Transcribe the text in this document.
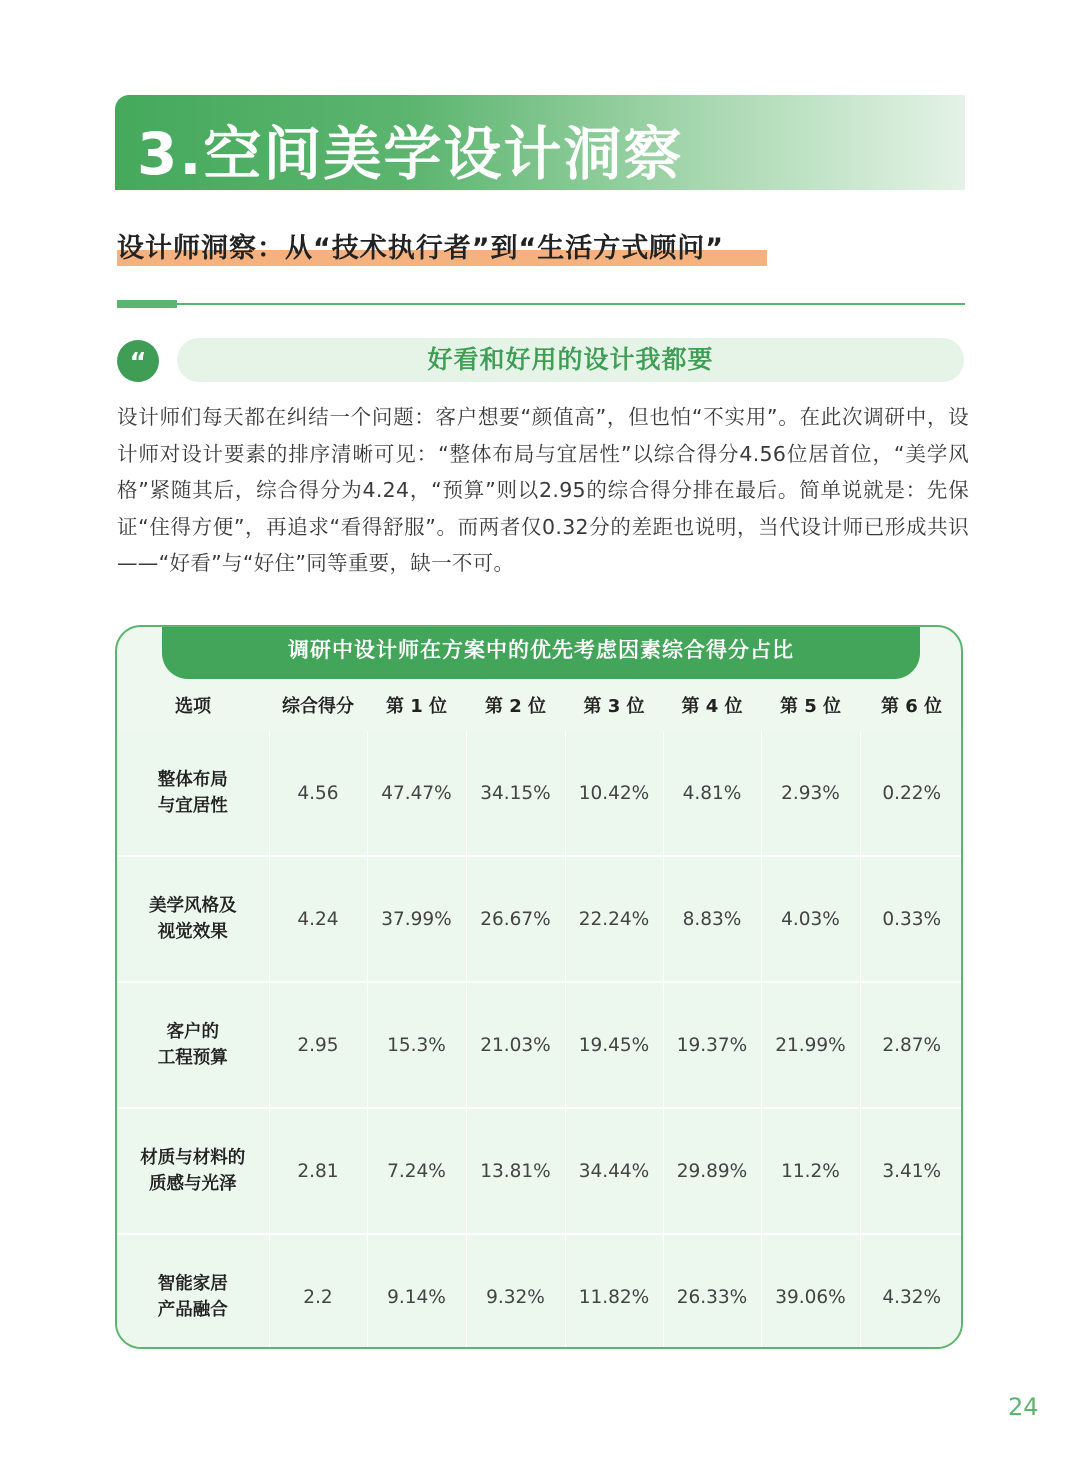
3.空间美学设计洞察
设计师洞察：从“技术执行者”到“生活方式顾问”
“	好看和好用的设计我都要
设计师们每天都在纠结一个问题：客户想要“颜值高”，但也怕“不实用”。在此次调研中，设计师对设计要素的排序清晰可见：“整体布局与宜居性”以综合得分4.56位居首位，“美学风格”紧随其后，综合得分为4.24，“预算”则以2.95的综合得分排在最后。简单说就是：先保证“住得方便”，再追求“看得舒服”。而两者仅0.32分的差距也说明，当代设计师已形成共识——“好看”与“好住”同等重要，缺一不可。
调研中设计师在方案中的优先考虑因素综合得分占比
选项	综合得分	第 1 位	第 2 位	第 3 位	第 4 位	第 5 位	第 6 位
整体布局
与宜居性	4.56	47.47%	34.15%	10.42%	4.81%	2.93%	0.22%
美学风格及
视觉效果	4.24	37.99%	26.67%	22.24%	8.83%	4.03%	0.33%
客户的
工程预算	2.95	15.3%	21.03%	19.45%	19.37%	21.99%	2.87%
材质与材料的
质感与光泽	2.81	7.24%	13.81%	34.44%	29.89%	11.2%	3.41%
智能家居
产品融合	2.2	9.14%	9.32%	11.82%	26.33%	39.06%	4.32%
24
